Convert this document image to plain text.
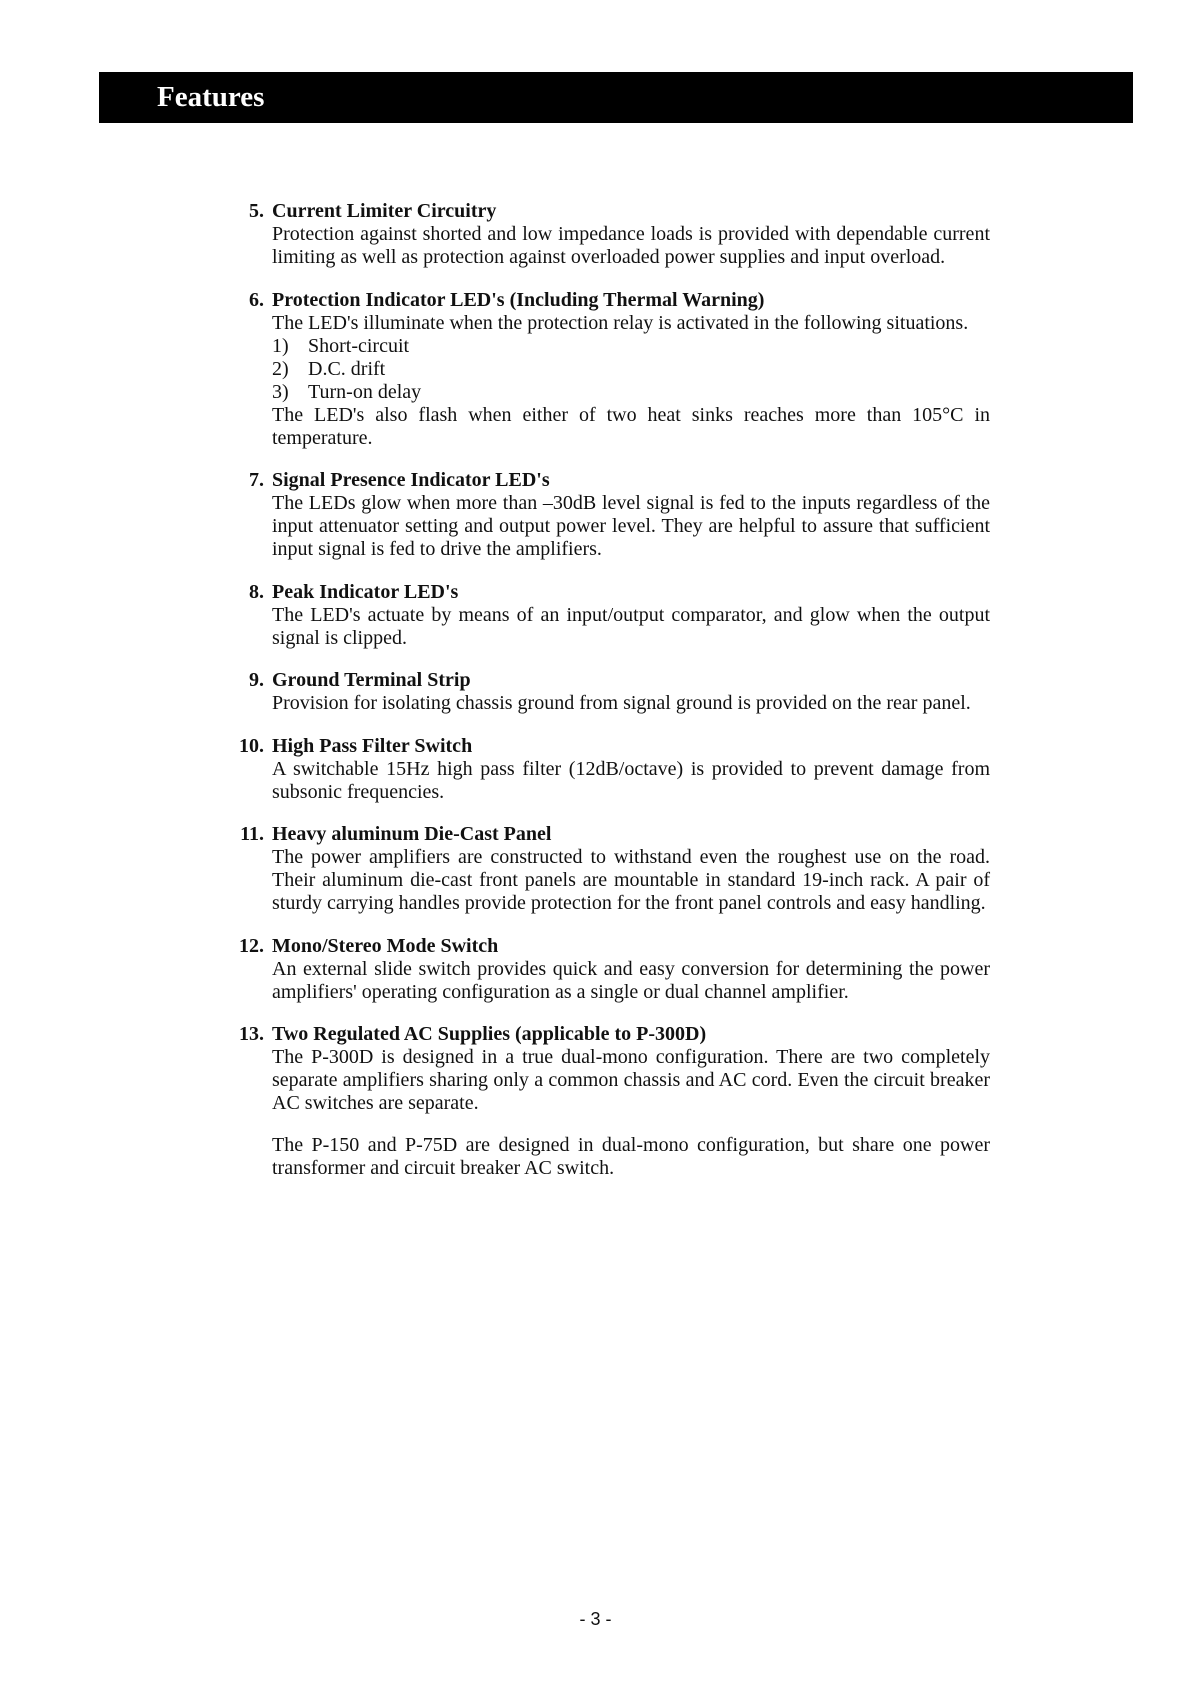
Features
5. Current Limiter Circuitry

Protection against shorted and low impedance loads is provided with dependable current limiting as well as protection against overloaded power supplies and input overload.

6. Protection Indicator LED's (Including Thermal Warning)

The LED's illuminate when the protection relay is activated in the following situations.

1) Short-circuit
2) D.C. drift
3) Turn-on delay

The LED's also flash when either of two heat sinks reaches more than 105°C in temperature.

7. Signal Presence Indicator LED's

The LEDs glow when more than –30dB level signal is fed to the inputs regardless of the input attenuator setting and output power level. They are helpful to assure that sufficient input signal is fed to drive the amplifiers.

8. Peak Indicator LED's

The LED's actuate by means of an input/output comparator, and glow when the output signal is clipped.

9. Ground Terminal Strip

Provision for isolating chassis ground from signal ground is provided on the rear panel.

10. High Pass Filter Switch

A switchable 15Hz high pass filter (12dB/octave) is provided to prevent damage from subsonic frequencies.

11. Heavy aluminum Die-Cast Panel

The power amplifiers are constructed to withstand even the roughest use on the road. Their aluminum die-cast front panels are mountable in standard 19-inch rack. A pair of sturdy carrying handles provide protection for the front panel controls and easy handling.

12. Mono/Stereo Mode Switch

An external slide switch provides quick and easy conversion for determining the power amplifiers' operating configuration as a single or dual channel amplifier.

13. Two Regulated AC Supplies (applicable to P-300D)

The P-300D is designed in a true dual-mono configuration. There are two completely separate amplifiers sharing only a common chassis and AC cord. Even the circuit breaker AC switches are separate.

The P-150 and P-75D are designed in dual-mono configuration, but share one power transformer and circuit breaker AC switch.

- 3 -
